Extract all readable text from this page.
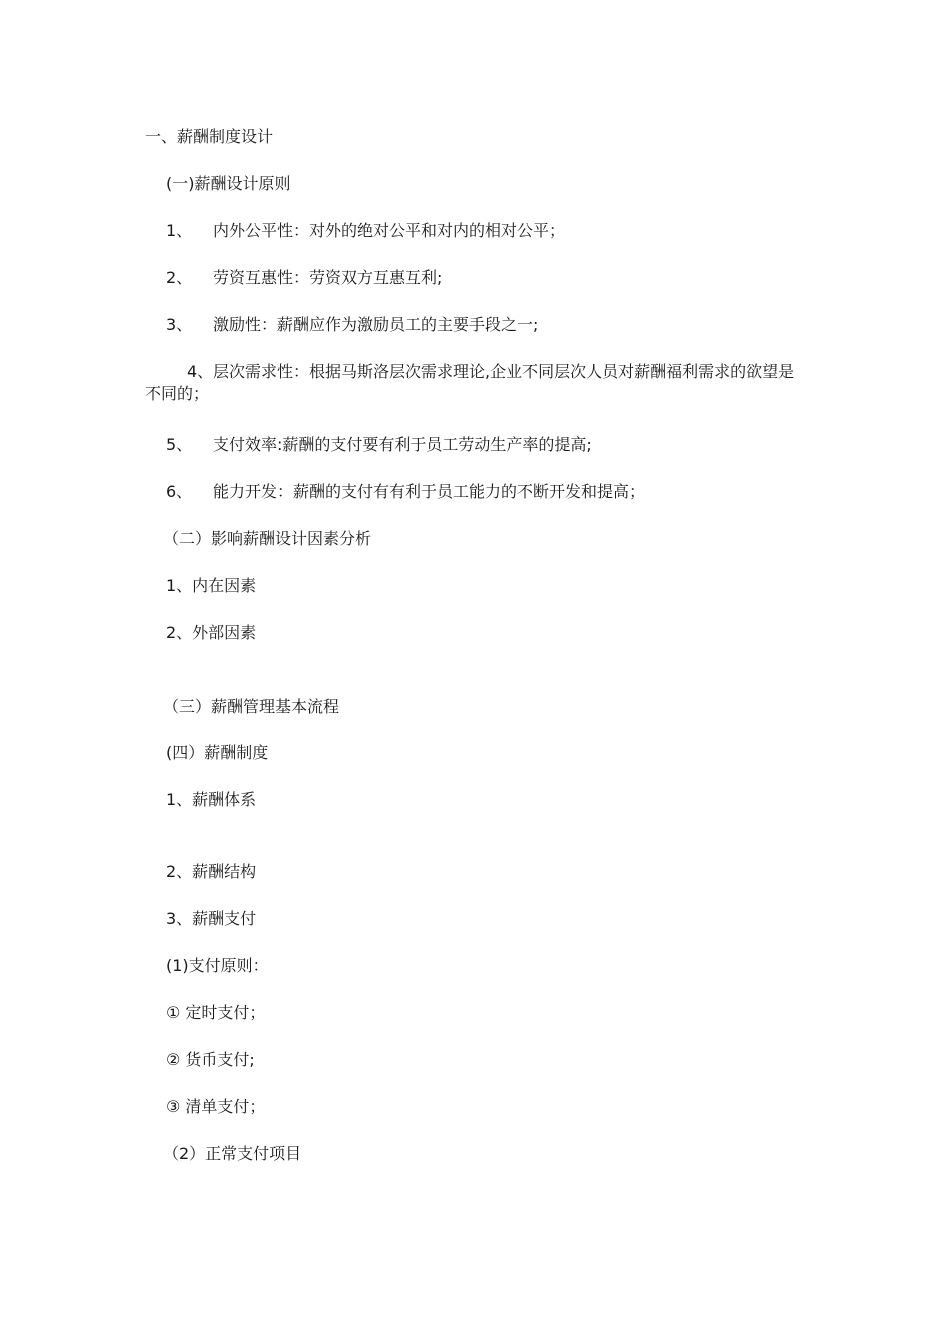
一、薪酬制度设计
(一)薪酬设计原则
1、 内外公平性：对外的绝对公平和对内的相对公平；
2、 劳资互惠性：劳资双方互惠互利;
3、 激励性：薪酬应作为激励员工的主要手段之一;
4、层次需求性：根据马斯洛层次需求理论,企业不同层次人员对薪酬福利需求的欲望是不同的；
5、 支付效率:薪酬的支付要有利于员工劳动生产率的提高;
6、 能力开发：薪酬的支付有有利于员工能力的不断开发和提高；
（二）影响薪酬设计因素分析
1、内在因素
2、外部因素
（三）薪酬管理基本流程
(四）薪酬制度
1、薪酬体系
2、薪酬结构
3、薪酬支付
(1)支付原则：
① 定时支付；
② 货币支付;
③ 清单支付；
（2）正常支付项目
